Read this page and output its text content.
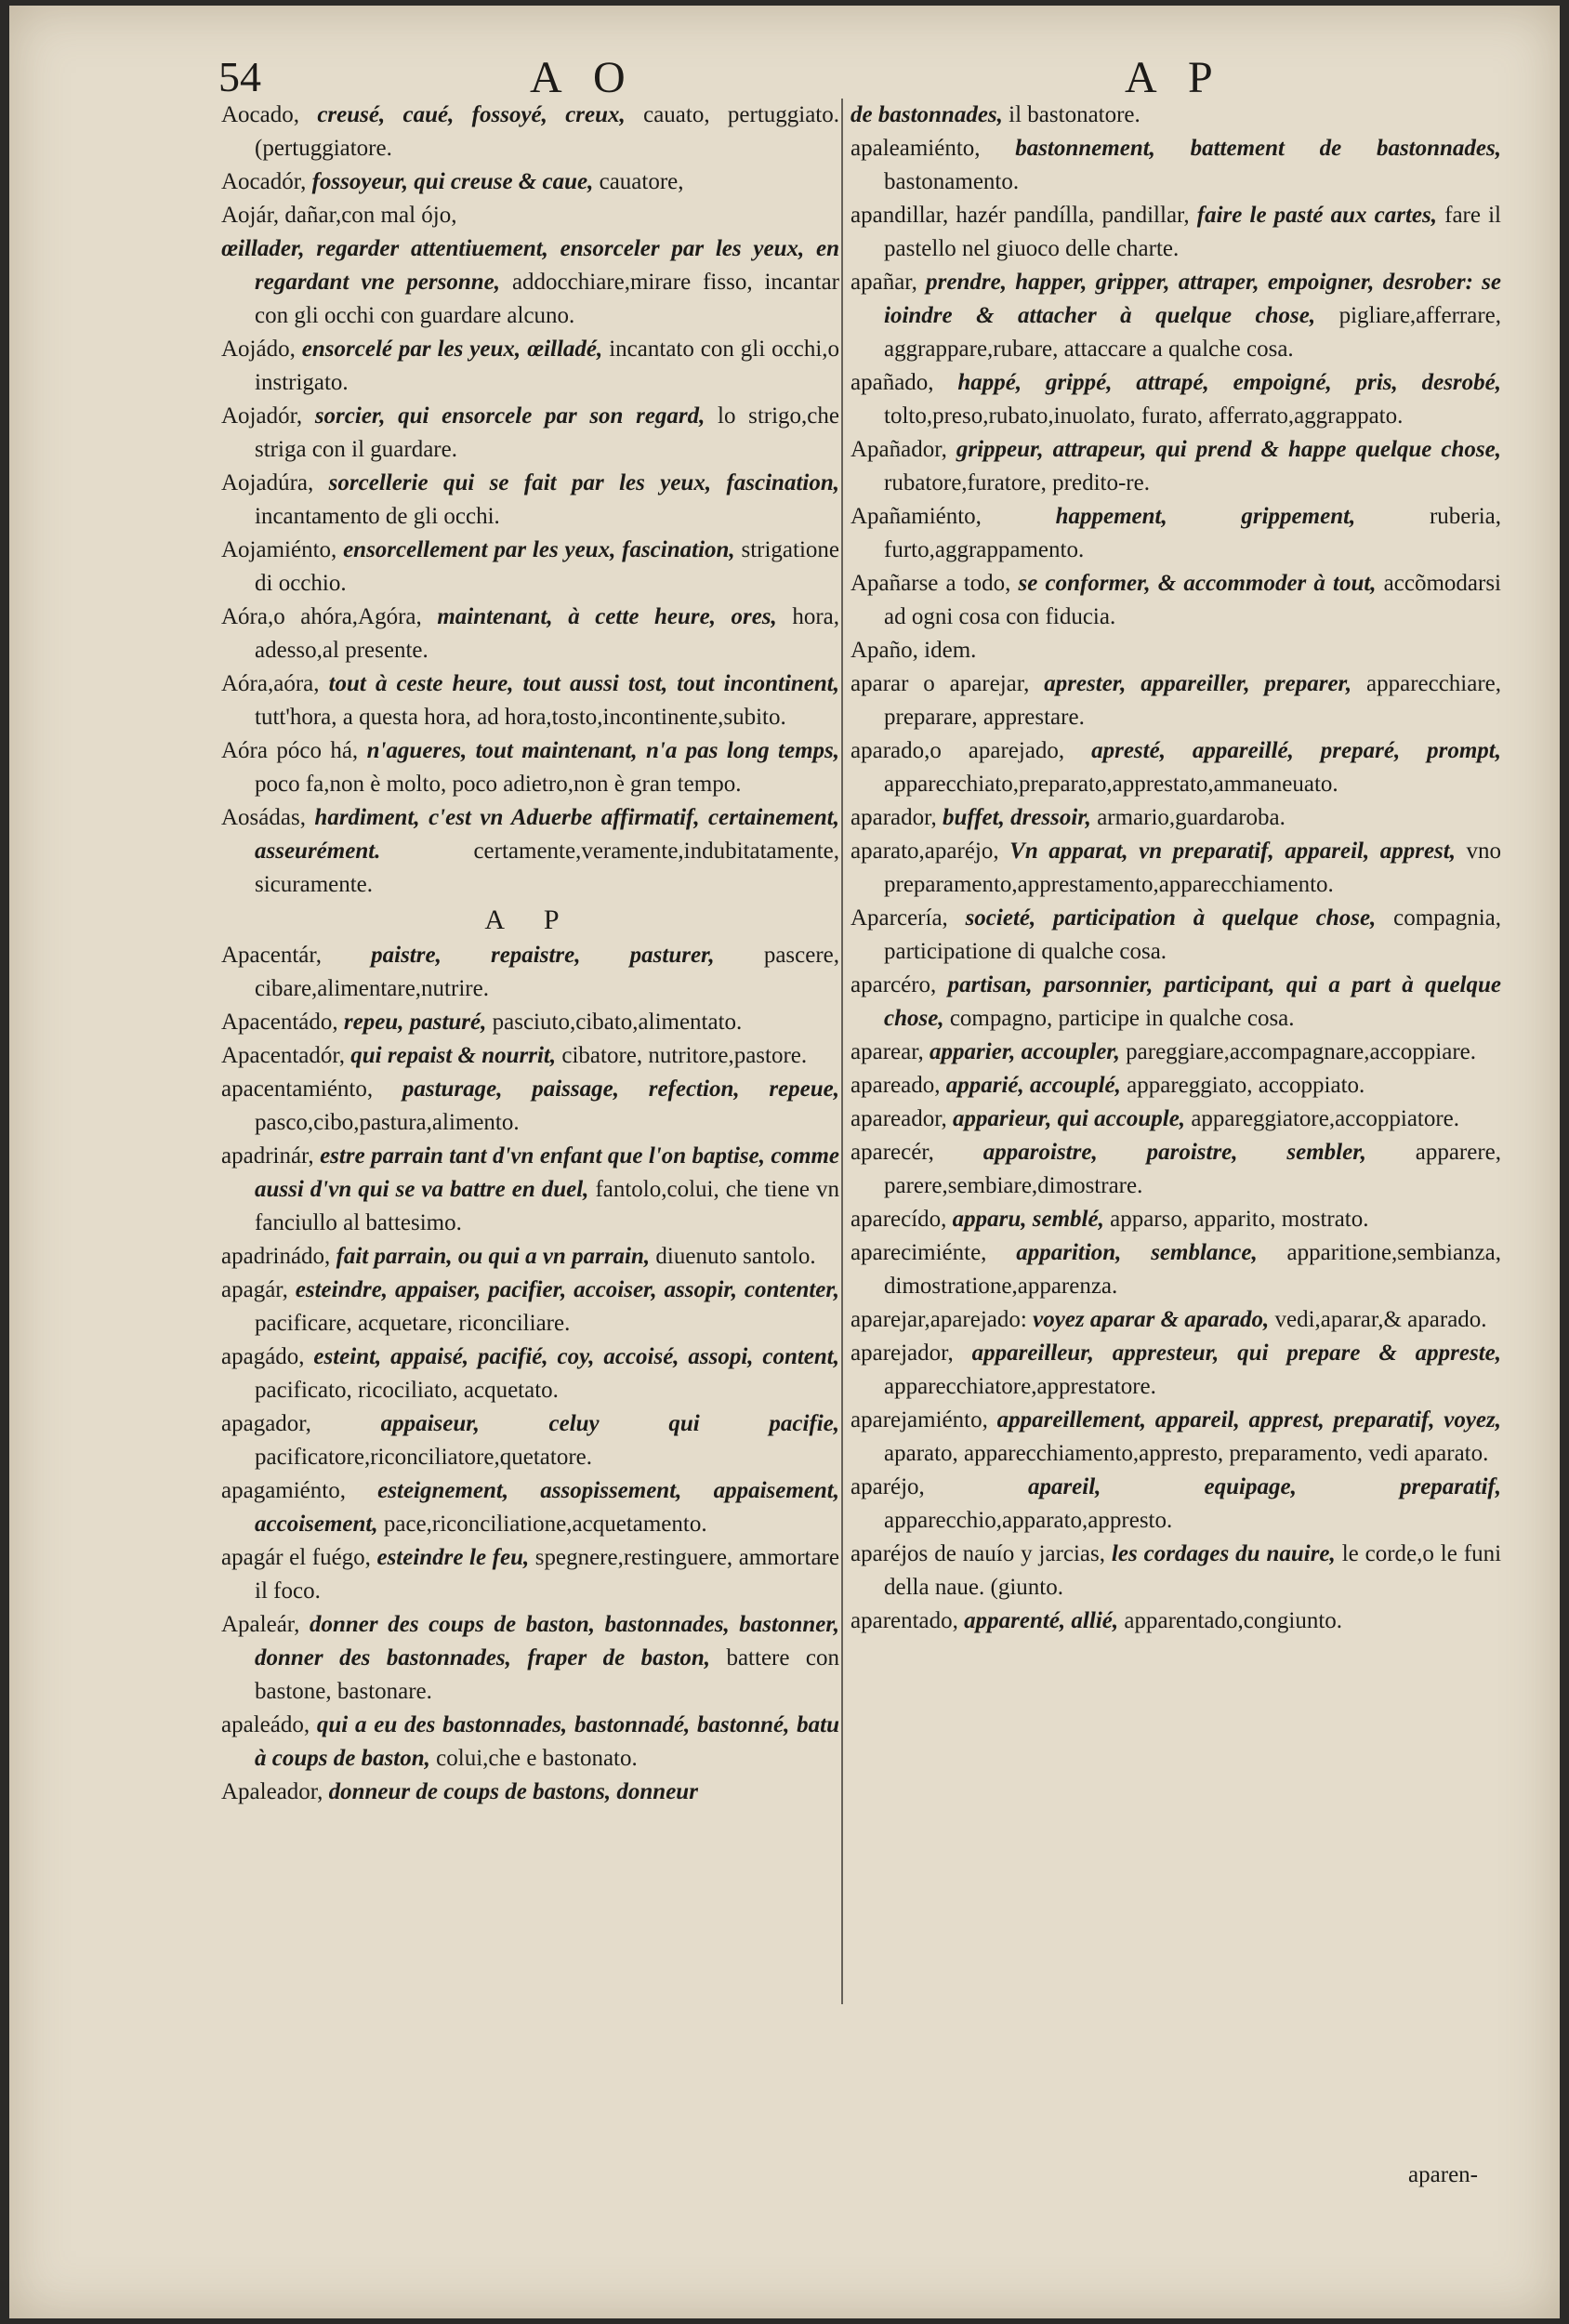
54	A O	A P

Aocado, creusé, caué, fossoyé, creux, cauato, pertuggiato. (pertuggiatore.

Aocadór, fossoyeur, qui creuse & caue, cauatore,

Aojár, dañar,con mal ójo,

œillader, regarder attentiuement, ensorceler par les yeux, en regardant vne personne, addocchiare,mirare fisso, incantar con gli occhi con guardare alcuno.

Aojádo, ensorcelé par les yeux, œilladé, incantato con gli occhi,o instrigato.

Aojadór, sorcier, qui ensorcele par son regard, lo strigo,che striga con il guardare.

Aojadúra, sorcellerie qui se fait par les yeux, fascination, incantamento de gli occhi.

Aojamiénto, ensorcellement par les yeux, fascination, strigatione di occhio.

Aóra,o ahóra,Agóra, maintenant, à cette heure, ores, hora, adesso,al presente.

Aóra,aóra, tout à ceste heure, tout aussi tost, tout incontinent, tutt'hora, a questa hora, ad hora,tosto,incontinente,subito.

Aóra póco há, n'agueres, tout maintenant, n'a pas long temps, poco fa,non è molto, poco adietro,non è gran tempo.

Aosádas, hardiment, c'est vn Aduerbe affirmatif, certainement, asseurément.	certamente,veramente,indubitatamente, sicuramente.

A P

Apacentár, paistre, repaistre, pasturer, pascere, cibare,alimentare,nutrire.

Apacentádo, repeu, pasturé, pasciuto,cibato,alimentato.

Apacentadór, qui repaist & nourrit, cibatore, nutritore,pastore.

apacentamiénto, pasturage, paissage, refection, repeue, pasco,cibo,pastura,alimento.

apadrinár, estre parrain tant d'vn enfant que l'on baptise, comme aussi d'vn qui se va battre en duel, fantolo,colui, che tiene vn fanciullo al battesimo.

apadrinádo, fait parrain, ou qui a vn parrain, diuenuto santolo.

apagár, esteindre, appaiser, pacifier, accoiser, assopir, contenter, pacificare, acquetare, riconciliare.

apagádo, esteint, appaisé, pacifié, coy, accoisé, assopi, content, pacificato, ricociliato, acquetato.

apagador,	appaiseur, celuy qui pacifie, pacificatore,riconciliatore,quetatore.

apagamiénto, esteignement, assopissement, appaisement, accoisement, pace,riconciliatione,acquetamento.

apagár el fuégo, esteindre le feu, spegnere,restinguere, ammortare il foco.

Apaleár, donner des coups de baston, bastonnades, bastonner, donner des bastonnades, fraper de baston, battere con bastone, bastonare.

apaleádo, qui a eu des bastonnades, bastonnadé, bastonné, batu à coups de baston, colui,che e bastonato.

Apaleador, donneur de coups de bastons, donneur

de bastonnades, il bastonatore.

apaleamiénto, bastonnement, battement de bastonnades, bastonamento.

apandillar, hazér pandílla, pandillar, faire le pasté aux cartes, fare il pastello nel giuoco delle charte.

apañar, prendre, happer, gripper, attraper, empoigner, desrober: se ioindre & attacher à quelque chose, pigliare,afferrare, aggrappare,rubare, attaccare a qualche cosa.

apañado, happé, grippé, attrapé, empoigné, pris, desrobé, tolto,preso,rubato,inuolato, furato, afferrato,aggrappato.

Apañador, grippeur, attrapeur, qui prend & happe quelque chose, rubatore,furatore, predito-re.

Apañamiénto,	happement, grippement,	ruberia, furto,aggrappamento.

Apañarse a todo, se conformer, & accommoder à tout, accõmodarsi ad ogni cosa con fiducia.

Apaño, idem.

aparar o aparejar, aprester, appareiller, preparer, apparecchiare, preparare, apprestare.

aparado,o aparejado, apresté, appareillé, preparé, prompt, apparecchiato,preparato,apprestato,ammaneuato.

aparador, buffet, dressoir, armario,guardaroba.

aparato,aparéjo, Vn apparat, vn preparatif, appareil, apprest, vno preparamento,apprestamento,apparecchiamento.

Aparcería, societé, participation à quelque chose, compagnia, participatione di qualche cosa.

aparcéro, partisan, parsonnier, participant, qui a part à quelque chose, compagno, participe in qualche cosa.

aparear, apparier, accoupler, pareggiare,accompagnare,accoppiare.

apareado, apparié, accouplé, appareggiato, accoppiato.

apareador, apparieur, qui accouple, appareggiatore,accoppiatore.

aparecér, apparoistre, paroistre, sembler, apparere, parere,sembiare,dimostrare.

aparecído, apparu, semblé, apparso, apparito, mostrato.

aparecimiénte, apparition, semblance, apparitione,sembianza, dimostratione,apparenza.

aparejar,aparejado: voyez aparar & aparado, vedi,aparar,& aparado.

aparejador, appareilleur, appresteur, qui prepare & appreste, apparecchiatore,apprestatore.

aparejamiénto, appareillement, appareil, apprest, preparatif, voyez, aparato, apparecchiamento,appresto, preparamento, vedi aparato.

aparéjo,	apareil, equipage, preparatif, apparecchio,apparato,appresto.

aparéjos de nauío y jarcias, les cordages du nauire, le corde,o le funi della naue. (giunto.

aparentado, apparenté, allié, apparentado,congiunto.

aparen-
